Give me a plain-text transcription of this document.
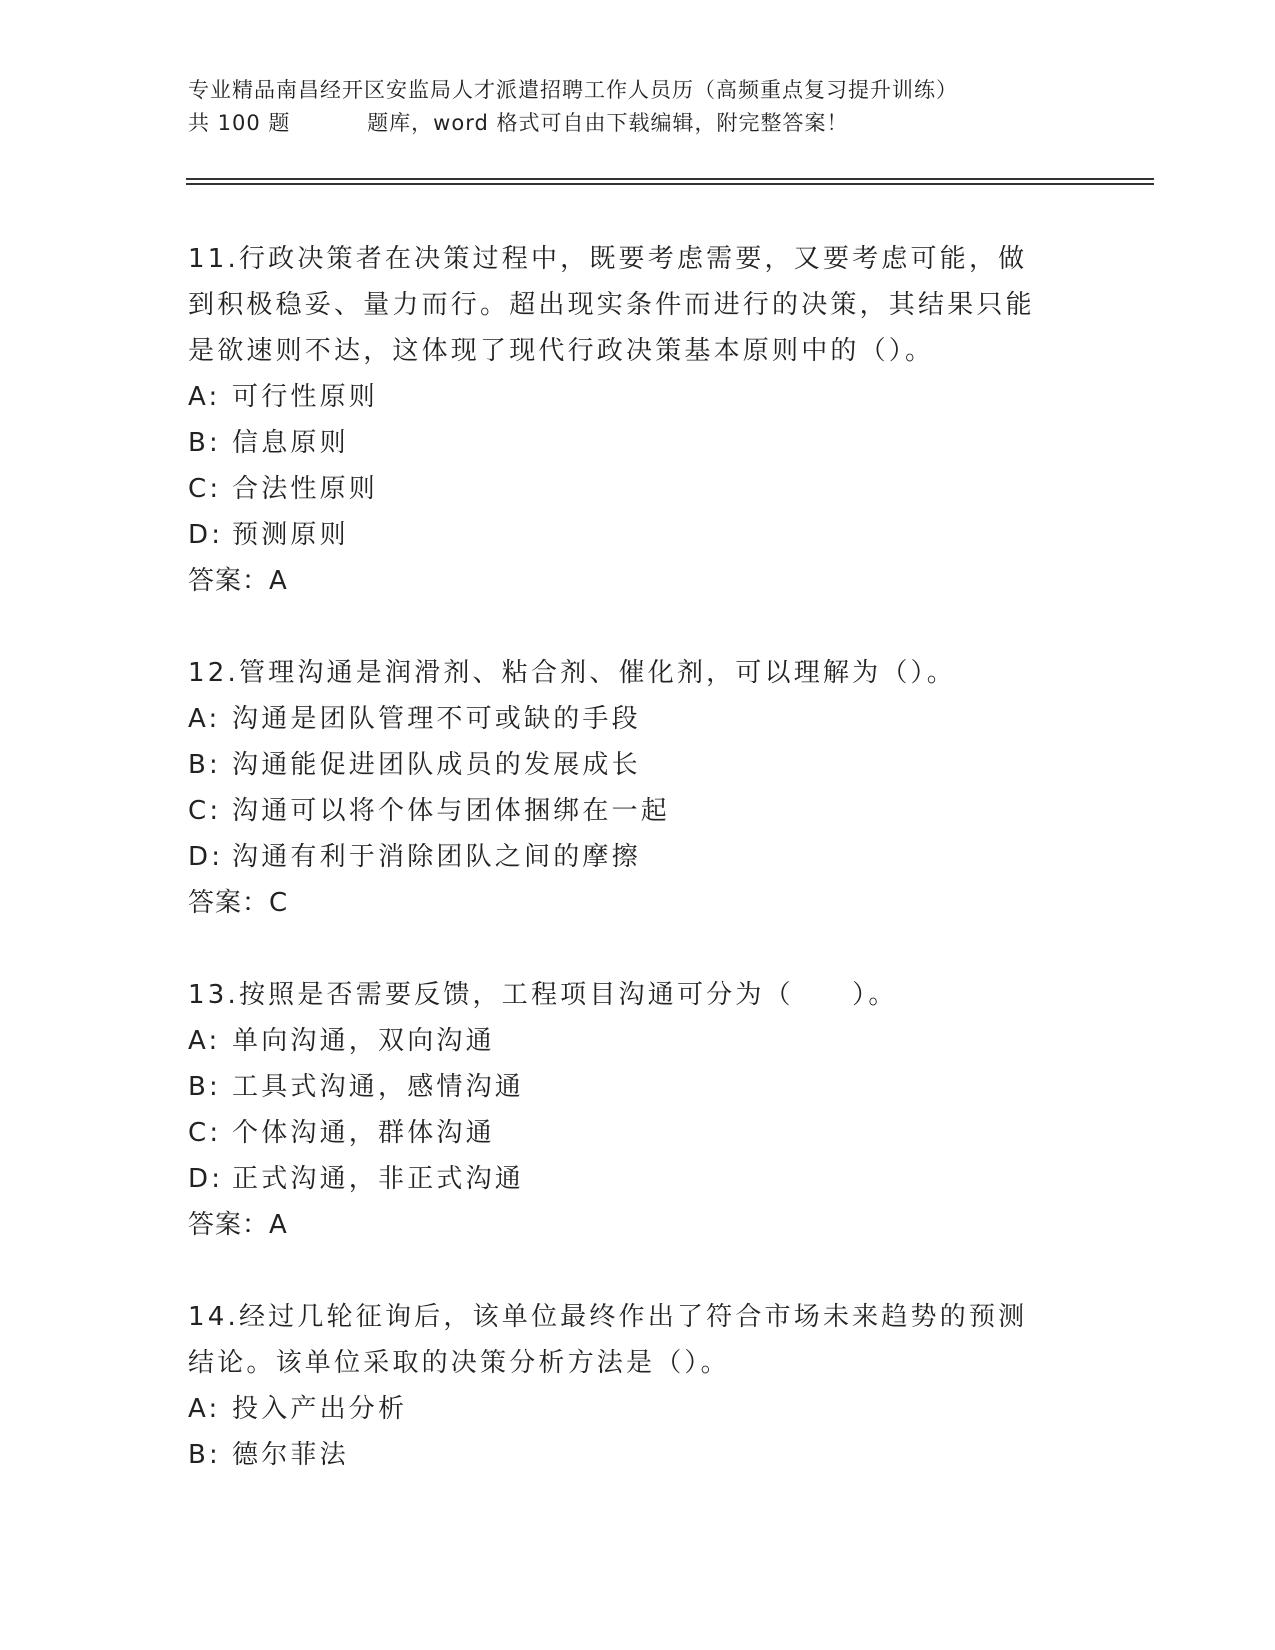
专业精品南昌经开区安监局人才派遣招聘工作人员历（高频重点复习提升训练）
共 100 题          题库，word 格式可自由下载编辑，附完整答案！

11.行政决策者在决策过程中，既要考虑需要，又要考虑可能，做到积极稳妥、量力而行。超出现实条件而进行的决策，其结果只能是欲速则不达，这体现了现代行政决策基本原则中的（）。

A: 可行性原则
B: 信息原则
C: 合法性原则
D: 预测原则
答案：A

12.管理沟通是润滑剂、粘合剂、催化剂，可以理解为（）。

A: 沟通是团队管理不可或缺的手段
B: 沟通能促进团队成员的发展成长
C: 沟通可以将个体与团体捆绑在一起
D: 沟通有利于消除团队之间的摩擦
答案：C

13.按照是否需要反馈，工程项目沟通可分为（　　）。

A: 单向沟通，双向沟通
B: 工具式沟通，感情沟通
C: 个体沟通，群体沟通
D: 正式沟通，非正式沟通
答案：A

14.经过几轮征询后，该单位最终作出了符合市场未来趋势的预测结论。该单位采取的决策分析方法是（）。

A: 投入产出分析
B: 德尔菲法
